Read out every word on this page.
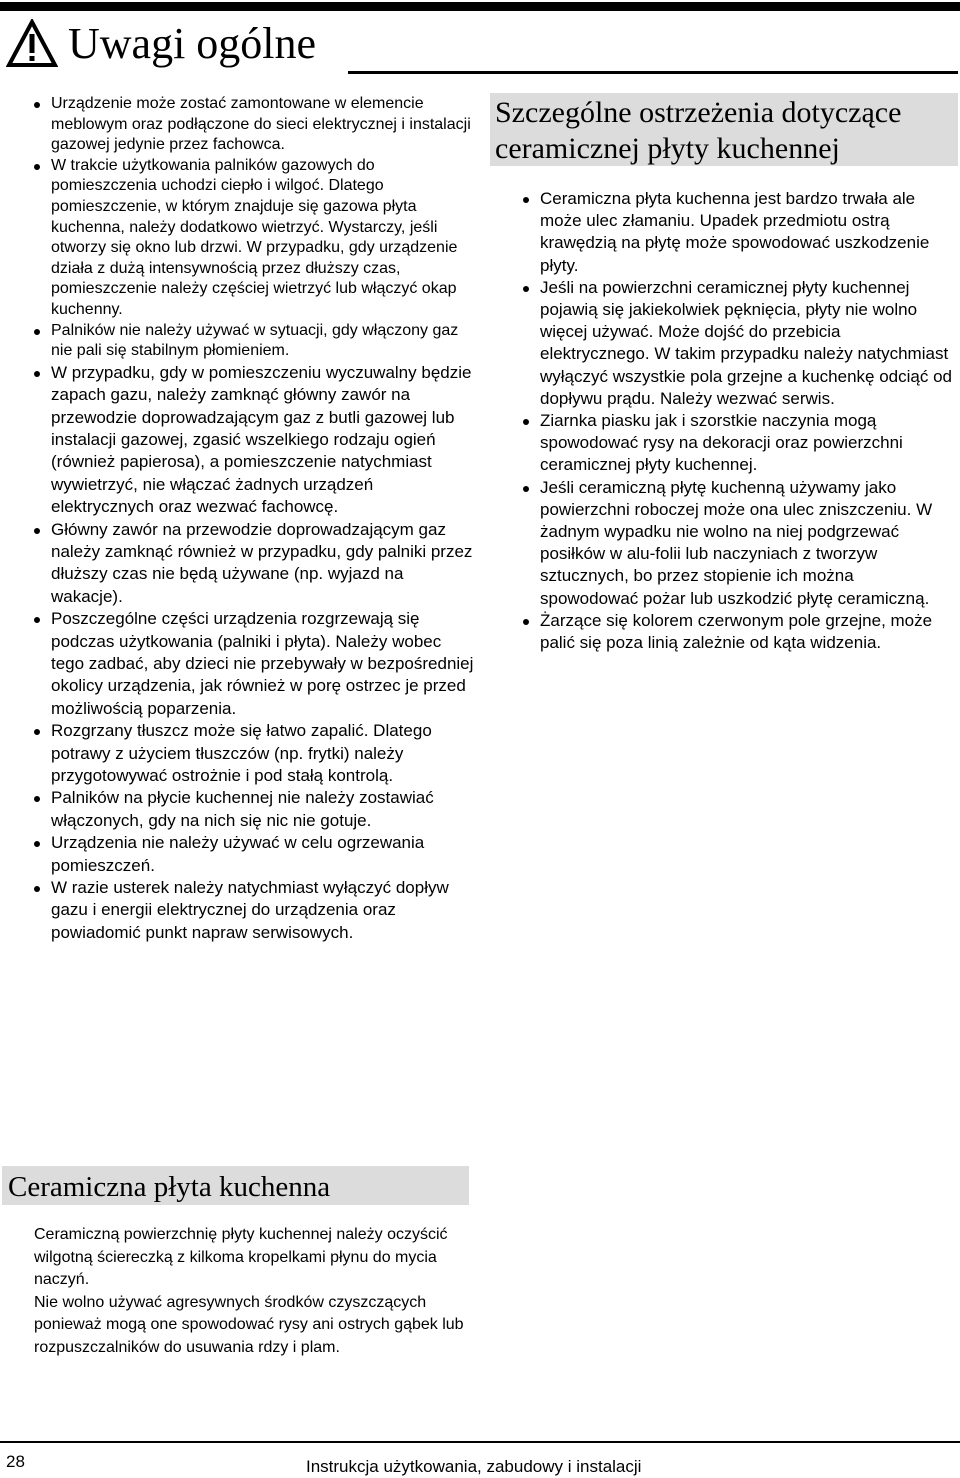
Uwagi ogólne
Urządzenie może zostać zamontowane w elemencie meblowym oraz podłączone do sieci elektrycznej i instalacji gazowej jedynie przez fachowca.
W trakcie użytkowania palników gazowych do pomieszczenia uchodzi ciepło i wilgoć. Dlatego pomieszczenie, w którym znajduje się gazowa płyta kuchenna, należy dodatkowo wietrzyć. Wystarczy, jeśli otworzy się okno lub drzwi. W przypadku, gdy urządzenie działa z dużą intensywnością przez dłuższy czas, pomieszczenie należy częściej wietrzyć lub włączyć okap kuchenny.
Palników nie należy używać w sytuacji, gdy włączony gaz nie pali się stabilnym płomieniem.
W przypadku, gdy w pomieszczeniu wyczuwalny będzie zapach gazu, należy zamknąć główny zawór na przewodzie doprowadzającym gaz z butli gazowej lub instalacji gazowej, zgasić wszelkiego rodzaju ogień (również papierosa), a pomieszczenie natychmiast wywietrzyć, nie włączać żadnych urządzeń elektrycznych oraz wezwać fachowcę.
Główny zawór na przewodzie doprowadzającym gaz należy zamknąć również w przypadku, gdy palniki przez dłuższy czas nie będą używane (np. wyjazd na wakacje).
Poszczególne części urządzenia rozgrzewają się podczas użytkowania (palniki i płyta). Należy wobec tego zadbać, aby dzieci nie przebywały w bezpośredniej okolicy urządzenia, jak również w porę ostrzec je przed możliwością poparzenia.
Rozgrzany tłuszcz może się łatwo zapalić. Dlatego potrawy z użyciem tłuszczów (np. frytki) należy przygotowywać ostrożnie i pod stałą kontrolą.
Palników na płycie kuchennej nie należy zostawiać włączonych, gdy na nich się nic nie gotuje.
Urządzenia nie należy używać w celu ogrzewania pomieszczeń.
W razie usterek należy natychmiast wyłączyć dopływ gazu i energii elektrycznej do urządzenia oraz powiadomić punkt napraw serwisowych.
Szczególne ostrzeżenia dotyczące ceramicznej płyty kuchennej
Ceramiczna płyta kuchenna jest bardzo trwała ale może ulec złamaniu. Upadek przedmiotu ostrą krawędzią na płytę może spowodować uszkodzenie płyty.
Jeśli na powierzchni ceramicznej płyty kuchennej pojawią się jakiekolwiek pęknięcia, płyty nie wolno więcej używać. Może dojść do przebicia elektrycznego. W takim przypadku należy natychmiast wyłączyć wszystkie pola grzejne a kuchenkę odciąć od dopływu prądu. Należy wezwać serwis.
Ziarnka piasku jak i szorstkie naczynia mogą spowodować rysy na dekoracji oraz powierzchni ceramicznej płyty kuchennej.
Jeśli ceramiczną płytę kuchenną używamy jako powierzchni roboczej może ona ulec zniszczeniu. W żadnym wypadku nie wolno na niej podgrzewać posiłków w alu-folii lub naczyniach z tworzyw sztucznych, bo przez stopienie ich można spowodować pożar lub uszkodzić płytę ceramiczną.
Żarzące się kolorem czerwonym pole grzejne, może palić się poza linią zależnie od kąta widzenia.
Ceramiczna płyta kuchenna

Ceramiczną powierzchnię płyty kuchennej należy oczyścić wilgotną ściereczką z kilkoma kropelkami płynu do mycia naczyń.

Nie wolno używać agresywnych środków czyszczących ponieważ mogą one spowodować rysy ani ostrych gąbek lub rozpuszczalników do usuwania rdzy i plam.

28	Instrukcja użytkowania, zabudowy i instalacji
